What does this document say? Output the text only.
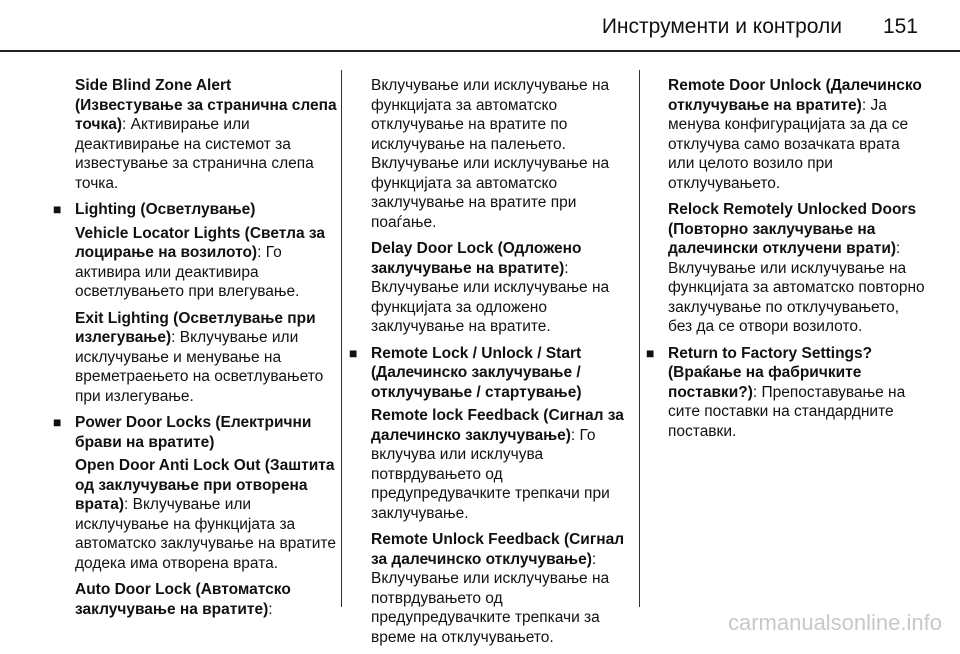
Инструменти и контроли 151

Side Blind Zone Alert (Известување за странична слепа точка): Активирање или деактивирање на системот за известување за странична слепа точка.

■ Lighting (Осветлување)

Vehicle Locator Lights (Светла за лоцирање на возилото): Го активира или деактивира осветлувањето при влегување.

Exit Lighting (Осветлување при излегување): Вклучување или исклучување и менување на времетраењето на осветлувањето при излегување.

■ Power Door Locks (Електрични брави на вратите)

Open Door Anti Lock Out (Заштита од заклучување при отворена врата): Вклучување или исклучување на функцијата за автоматско заклучување на вратите додека има отворена врата.

Auto Door Lock (Автоматско заклучување на вратите):

Вклучување или исклучување на функцијата за автоматско отклучување на вратите по исклучување на палењето. Вклучување или исклучување на функцијата за автоматско заклучување на вратите при поаѓање.

Delay Door Lock (Одложено заклучување на вратите): Вклучување или исклучување на функцијата за одложено заклучување на вратите.

■ Remote Lock / Unlock / Start (Далечинско заклучување / отклучување / стартување)

Remote lock Feedback (Сигнал за далечинско заклучување): Го вклучува или исклучува потврдувањето од предупредувачките трепкачи при заклучување.

Remote Unlock Feedback (Сигнал за далечинско отклучување): Вклучување или исклучување на потврдувањето од предупредувачките трепкачи за време на отклучувањето.

Remote Door Unlock (Далечинско отклучување на вратите): Ја менува конфигурацијата за да се отклучува само возачката врата или целото возило при отклучувањето.

Relock Remotely Unlocked Doors (Повторно заклучување на далечински отклучени врати): Вклучување или исклучување на функцијата за автоматско повторно заклучување по отклучувањето, без да се отвори возилото.

■ Return to Factory Settings? (Враќање на фабричките поставки?): Препоставување на сите поставки на стандардните поставки.
carmanualsonline.info
